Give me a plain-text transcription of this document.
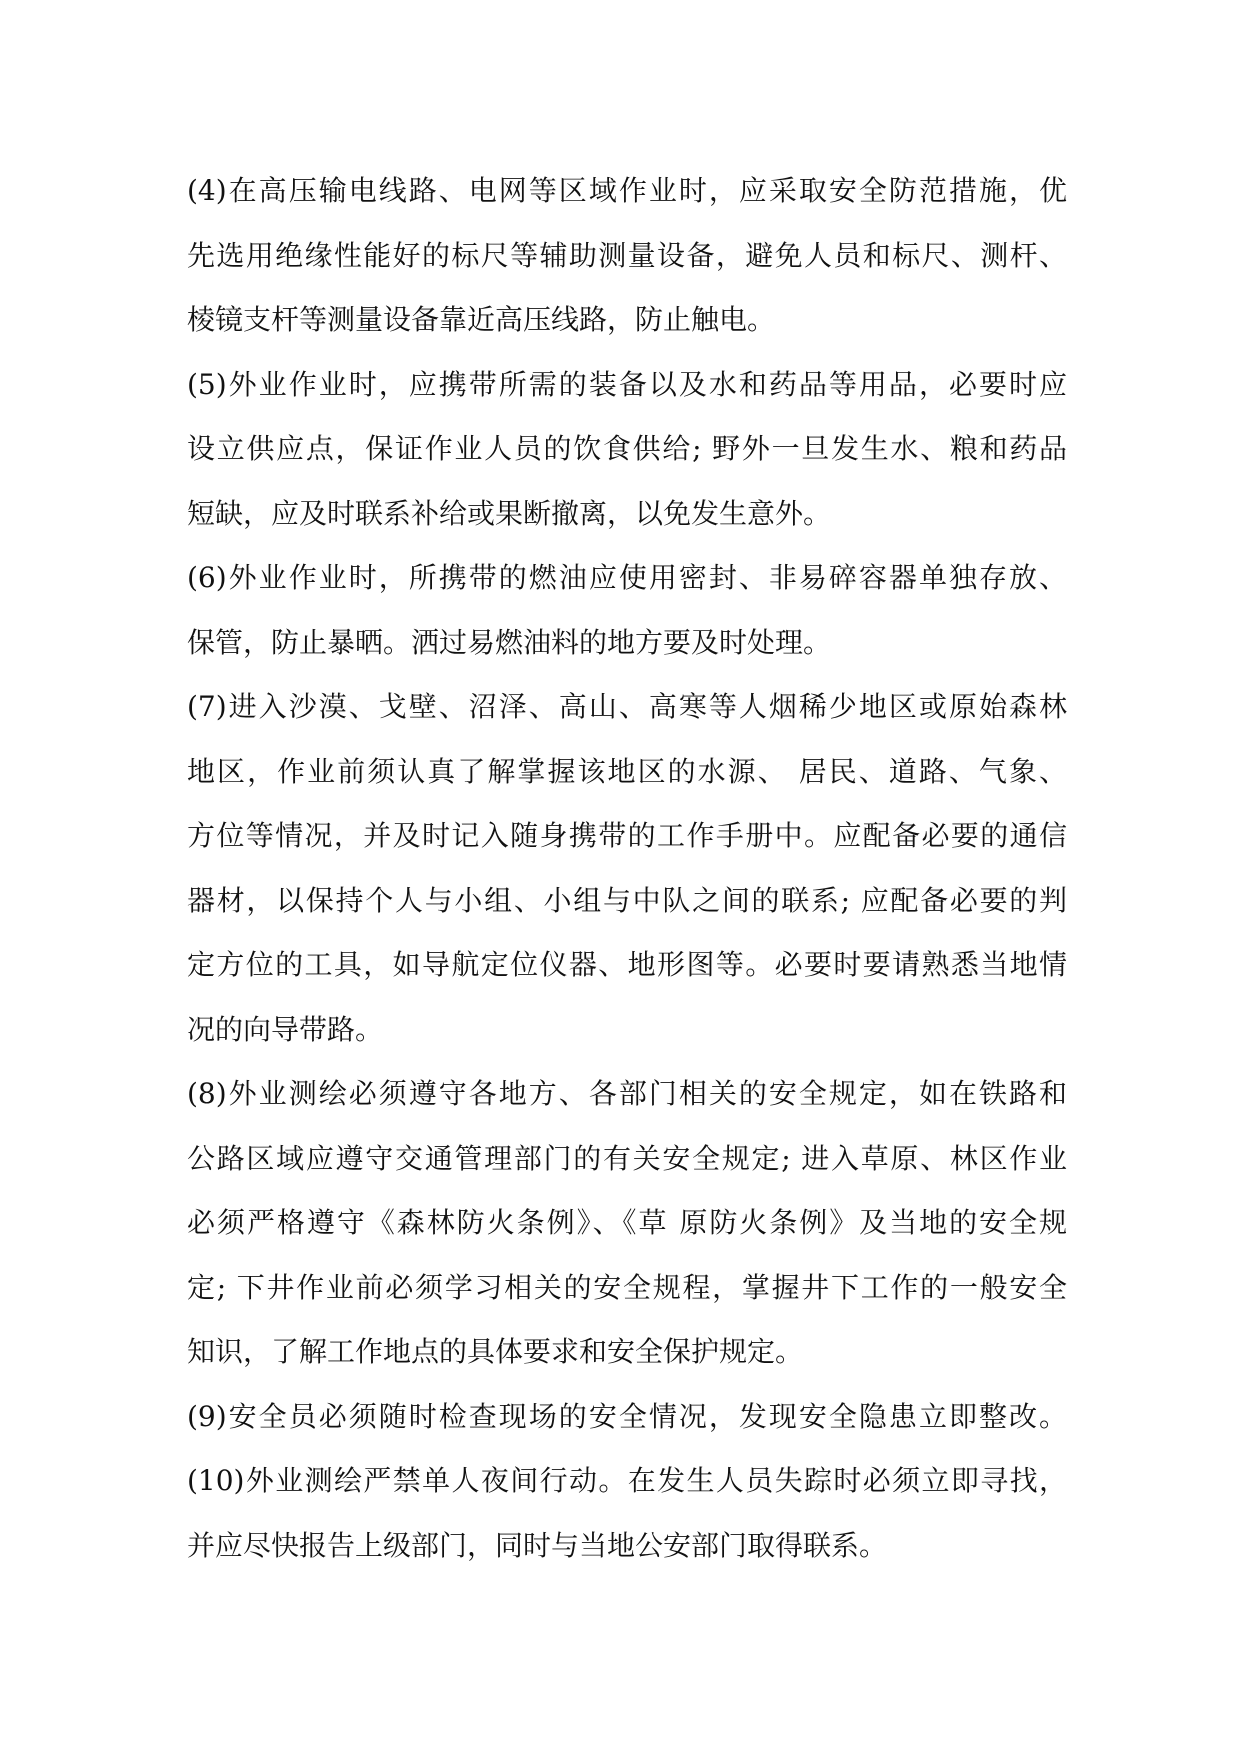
(4)在高压输电线路、电网等区域作业时，应采取安全防范措施，优
先选用绝缘性能好的标尺等辅助测量设备，避免人员和标尺、测杆、
棱镜支杆等测量设备靠近高压线路，防止触电。
(5)外业作业时，应携带所需的装备以及水和药品等用品，必要时应
设立供应点，保证作业人员的饮食供给; 野外一旦发生水、粮和药品
短缺，应及时联系补给或果断撤离，以免发生意外。
(6)外业作业时，所携带的燃油应使用密封、非易碎容器单独存放、
保管，防止暴晒。洒过易燃油料的地方要及时处理。
(7)进入沙漠、戈壁、沼泽、高山、高寒等人烟稀少地区或原始森林
地区，作业前须认真了解掌握该地区的水源、 居民、道路、气象、
方位等情况，并及时记入随身携带的工作手册中。应配备必要的通信
器材，以保持个人与小组、小组与中队之间的联系; 应配备必要的判
定方位的工具，如导航定位仪器、地形图等。必要时要请熟悉当地情
况的向导带路。
(8)外业测绘必须遵守各地方、各部门相关的安全规定，如在铁路和
公路区域应遵守交通管理部门的有关安全规定; 进入草原、林区作业
必须严格遵守《森林防火条例》、《草 原防火条例》及当地的安全规
定; 下井作业前必须学习相关的安全规程，掌握井下工作的一般安全
知识，了解工作地点的具体要求和安全保护规定。
(9)安全员必须随时检查现场的安全情况，发现安全隐患立即整改。
(10)外业测绘严禁单人夜间行动。在发生人员失踪时必须立即寻找，
并应尽快报告上级部门，同时与当地公安部门取得联系。
